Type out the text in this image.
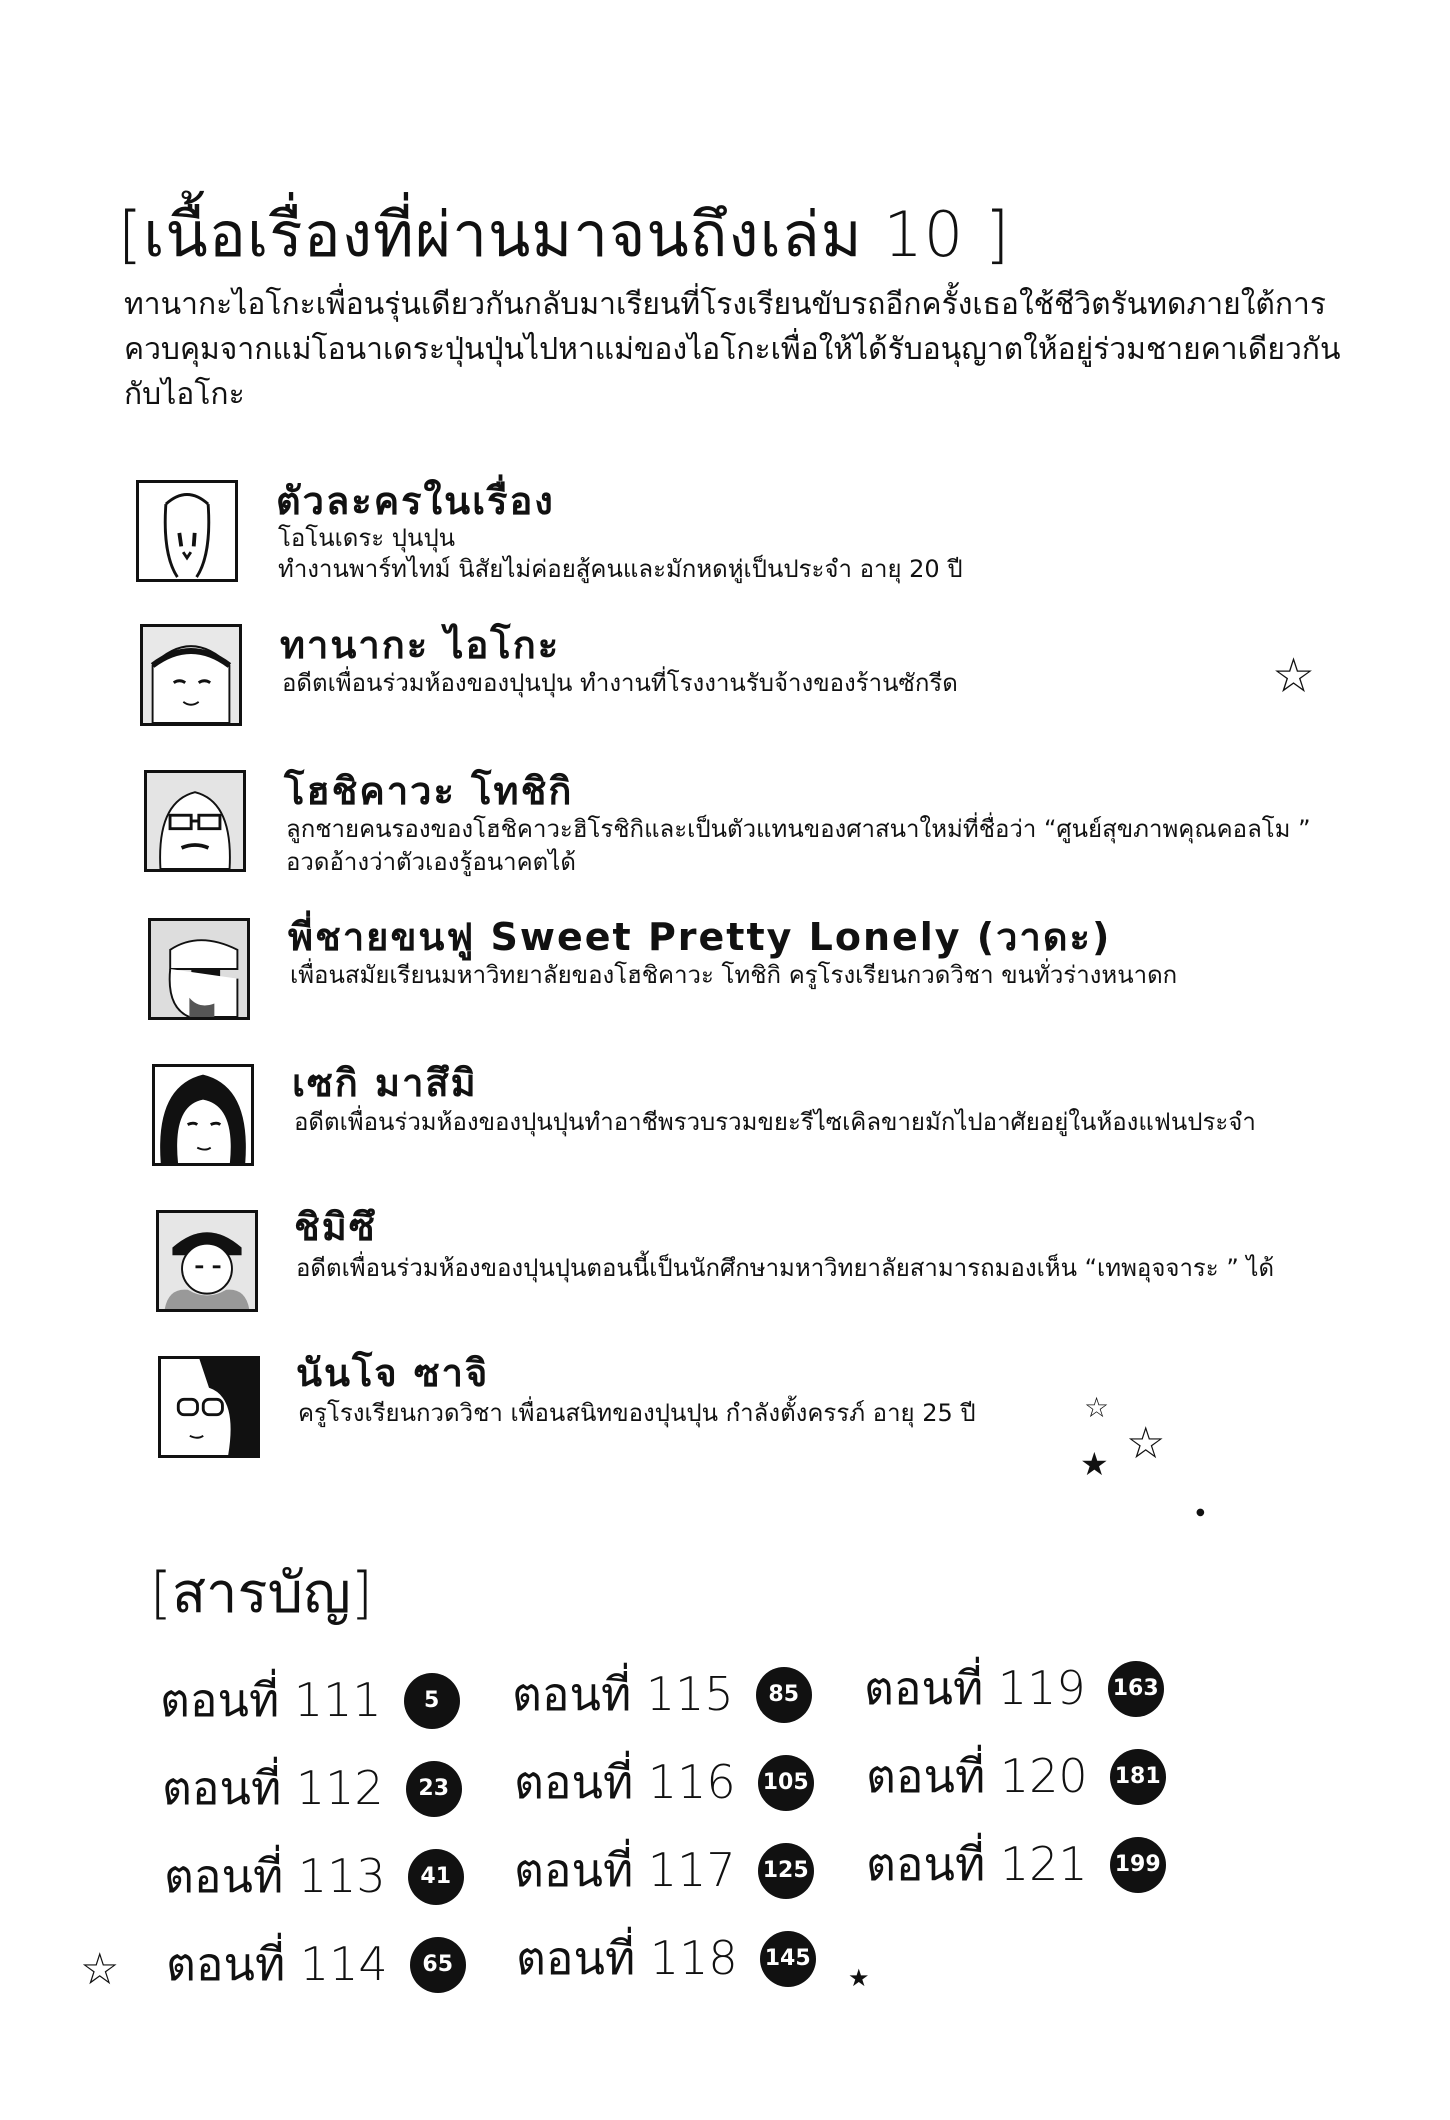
[เนื้อเรื่องที่ผ่านมาจนถึงเล่ม 10 ]
ทานากะไอโกะเพื่อนรุ่นเดียวกันกลับมาเรียนที่โรงเรียนขับรถอีกครั้งเธอใช้ชีวิตรันทดภายใต้การ
ควบคุมจากแม่โอนาเดระปุ่นปุ่นไปหาแม่ของไอโกะเพื่อให้ได้รับอนุญาตให้อยู่ร่วมชายคาเดียวกัน
กับไอโกะ
ตัวละครในเรื่อง
โอโนเดระ ปุนปุน
ทำงานพาร์ทไทม์ นิสัยไม่ค่อยสู้คนและมักหดหู่เป็นประจำ อายุ 20 ปี
ทานากะ ไอโกะ
อดีตเพื่อนร่วมห้องของปุนปุน ทำงานที่โรงงานรับจ้างของร้านซักรีด
โฮชิคาวะ โทชิกิ
ลูกชายคนรองของโฮชิคาวะฮิโรชิกิและเป็นตัวแทนของศาสนาใหม่ที่ชื่อว่า “ศูนย์สุขภาพคุณคอลโม ”
อวดอ้างว่าตัวเองรู้อนาคตได้
พี่ชายขนฟู Sweet Pretty Lonely (วาดะ)
เพื่อนสมัยเรียนมหาวิทยาลัยของโฮชิคาวะ โทชิกิ ครูโรงเรียนกวดวิชา ขนทั่วร่างหนาดก
เซกิ มาสึมิ
อดีตเพื่อนร่วมห้องของปุนปุนทำอาชีพรวบรวมขยะรีไซเคิลขายมักไปอาศัยอยู่ในห้องแฟนประจำ
ชิมิซึ
อดีตเพื่อนร่วมห้องของปุนปุนตอนนี้เป็นนักศึกษามหาวิทยาลัยสามารถมองเห็น “เทพอุจจาระ ” ได้
นันโจ ซาจิ
ครูโรงเรียนกวดวิชา เพื่อนสนิทของปุนปุน กำลังตั้งครรภ์ อายุ 25 ปี
[สารบัญ]
ตอนที่ 111	5
ตอนที่ 112	23
ตอนที่ 113	41
ตอนที่ 114	65
ตอนที่ 115	85
ตอนที่ 116 105
ตอนที่ 117 125
ตอนที่ 118 145
ตอนที่ 119 163
ตอนที่ 120 181
ตอนที่ 121 199
☆
☆
☆
★
●
☆	★
